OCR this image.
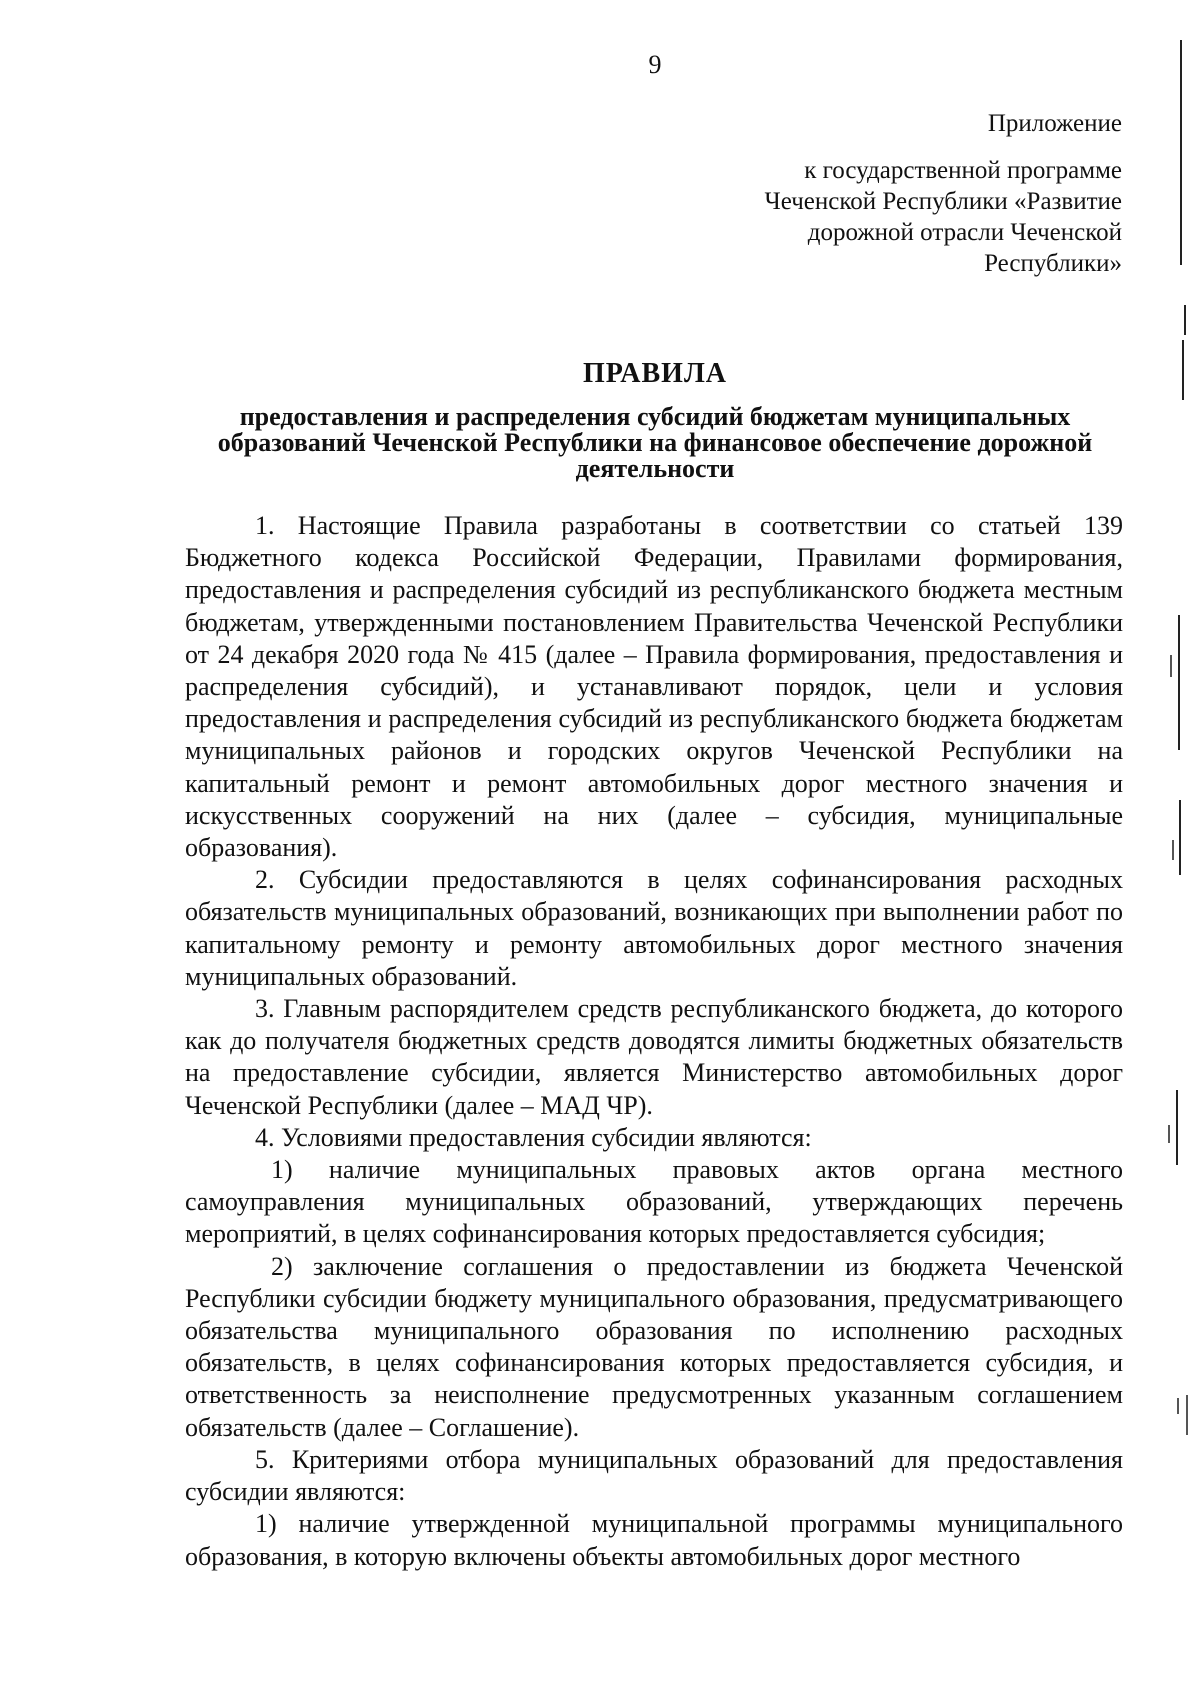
9
Приложение
к государственной программе
Чеченской Республики «Развитие
дорожной отрасли Чеченской
Республики»
ПРАВИЛА
предоставления и распределения субсидий бюджетам муниципальных образований Чеченской Республики на финансовое обеспечение дорожной деятельности

1. Настоящие Правила разработаны в соответствии со статьей 139 Бюджетного кодекса Российской Федерации, Правилами формирования, предоставления и распределения субсидий из республиканского бюджета местным бюджетам, утвержденными постановлением Правительства Чеченской Республики от 24 декабря 2020 года № 415 (далее – Правила формирования, предоставления и распределения субсидий), и устанавливают порядок, цели и условия предоставления и распределения субсидий из республиканского бюджета бюджетам муниципальных районов и городских округов Чеченской Республики на капитальный ремонт и ремонт автомобильных дорог местного значения и искусственных сооружений на них (далее – субсидия, муниципальные образования).

2. Субсидии предоставляются в целях софинансирования расходных обязательств муниципальных образований, возникающих при выполнении работ по капитальному ремонту и ремонту автомобильных дорог местного значения муниципальных образований.

3. Главным распорядителем средств республиканского бюджета, до которого как до получателя бюджетных средств доводятся лимиты бюджетных обязательств на предоставление субсидии, является Министерство автомобильных дорог Чеченской Республики (далее – МАД ЧР).

4. Условиями предоставления субсидии являются:

1) наличие муниципальных правовых актов органа местного самоуправления муниципальных образований, утверждающих перечень мероприятий, в целях софинансирования которых предоставляется субсидия;

2) заключение соглашения о предоставлении из бюджета Чеченской Республики субсидии бюджету муниципального образования, предусматривающего обязательства муниципального образования по исполнению расходных обязательств, в целях софинансирования которых предоставляется субсидия, и ответственность за неисполнение предусмотренных указанным соглашением обязательств (далее – Соглашение).

5. Критериями отбора муниципальных образований для предоставления субсидии являются:

1) наличие утвержденной муниципальной программы муниципального образования, в которую включены объекты автомобильных дорог местного
